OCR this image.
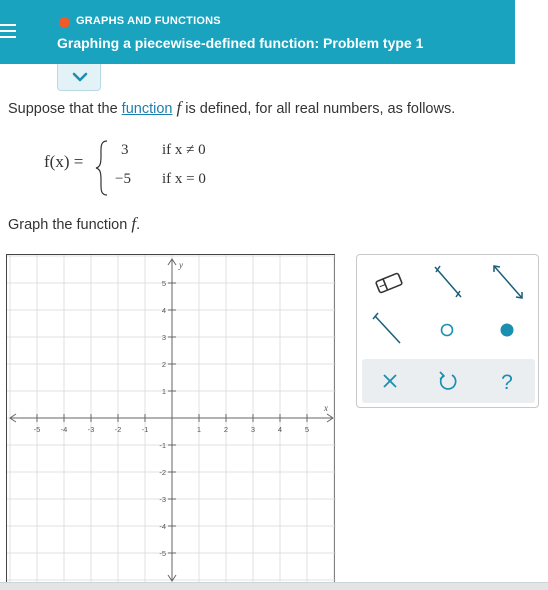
GRAPHS AND FUNCTIONS
Graphing a piecewise-defined function: Problem type 1
Suppose that the function f is defined, for all real numbers, as follows.
f(x) =
3 if x ≠ 0
−5 if x = 0
Graph the function f.
-5	-4	-3	-2	-1	1	2	3	4	5
5
4
3
2
1
-1
-2
-3
-4
-5
x
y
?
